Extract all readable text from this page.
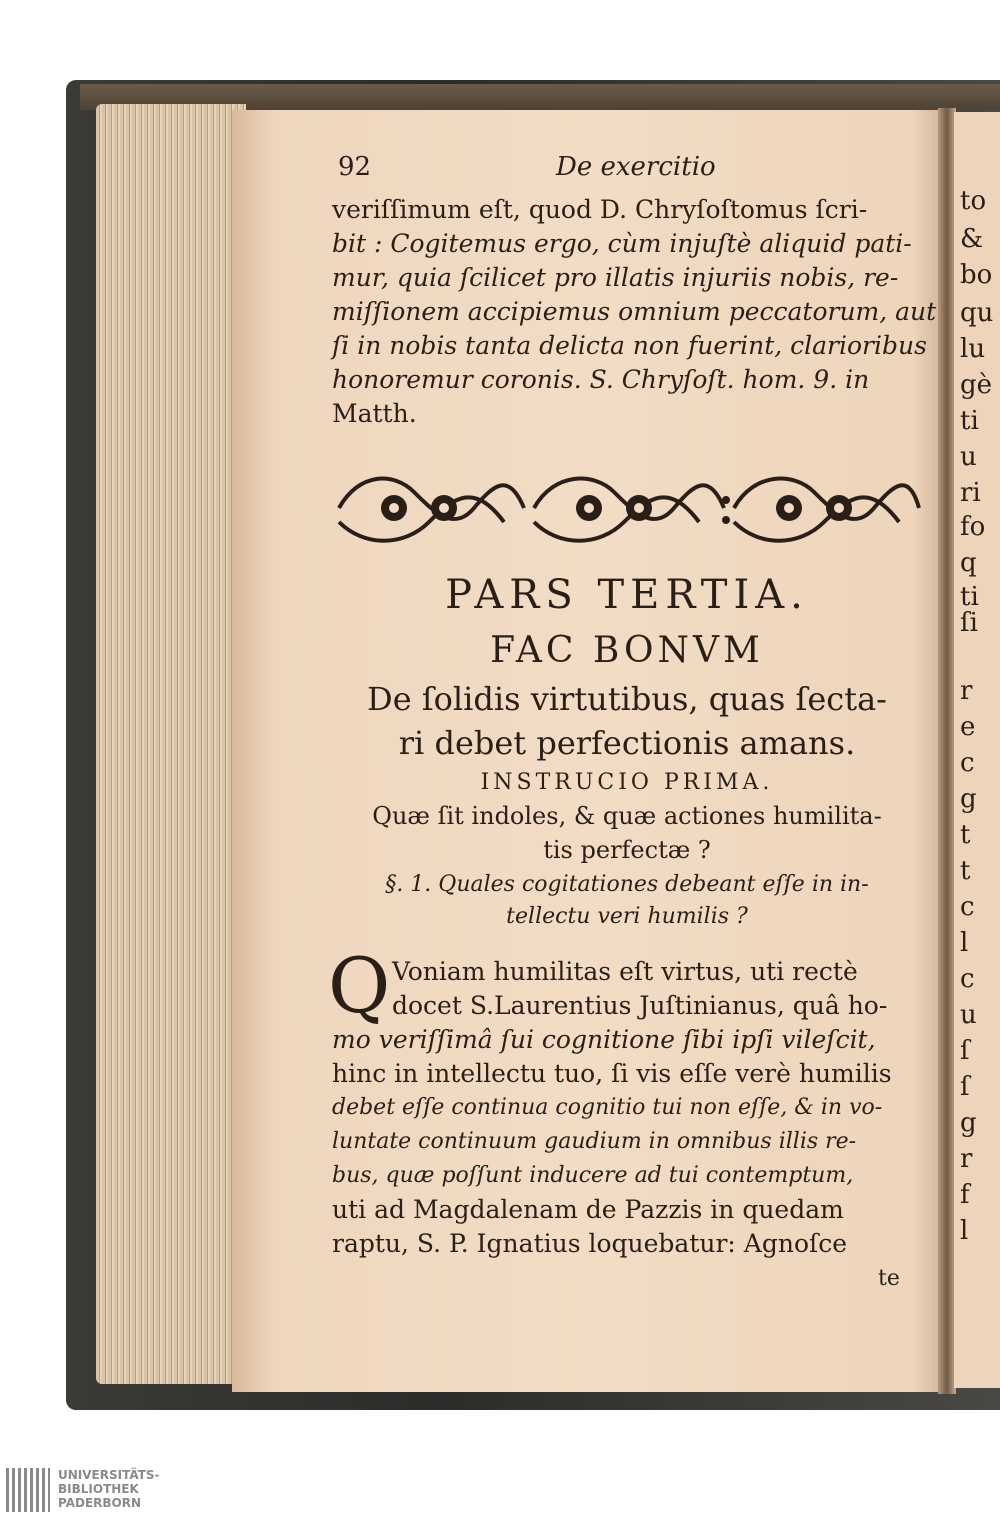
92	De exercitio
veriſſimum eſt, quod D. Chryſoſtomus ſcri-
bit : Cogitemus ergo, cùm injuſtè aliquid pati-
mur, quia ſcilicet pro illatis injuriis nobis, re-
miſſionem accipiemus omnium peccatorum, aut
ſi in nobis tanta delicta non fuerint, clarioribus
honoremur coronis. S. Chryſoſt. hom. 9. in
Matth.
PARS TERTIA.
FAC BONVM
De ſolidis virtutibus, quas ſecta-
ri debet perfectionis amans.
INSTRUCIO PRIMA.
Quæ ſit indoles, & quæ actiones humilita-
tis perfectæ ?
§. 1. Quales cogitationes debeant eſſe in in-
tellectu veri humilis ?
Q Voniam humilitas eſt virtus, uti rectè
docet S.Laurentius Juſtinianus, quâ ho-
mo veriſſimâ ſui cognitione ſibi ipſi vileſcit,
hinc in intellectu tuo, ſi vis eſſe verè humilis
debet eſſe continua cognitio tui non eſſe, & in vo-
luntate continuum gaudium in omnibus illis re-
bus, quæ poſſunt inducere ad tui contemptum,
uti ad Magdalenam de Pazzis in quedam
raptu, S. P. Ignatius loquebatur: Agnoſce
te
to
&
bo
qu
lu
gè
ti
u
ri
fo
q
ti
ſi
r
e
c
g
t
t
c
l
c
u
ſ
ſ
g
r
f
l
UNIVERSITÄTS-
BIBLIOTHEK
PADERBORN
